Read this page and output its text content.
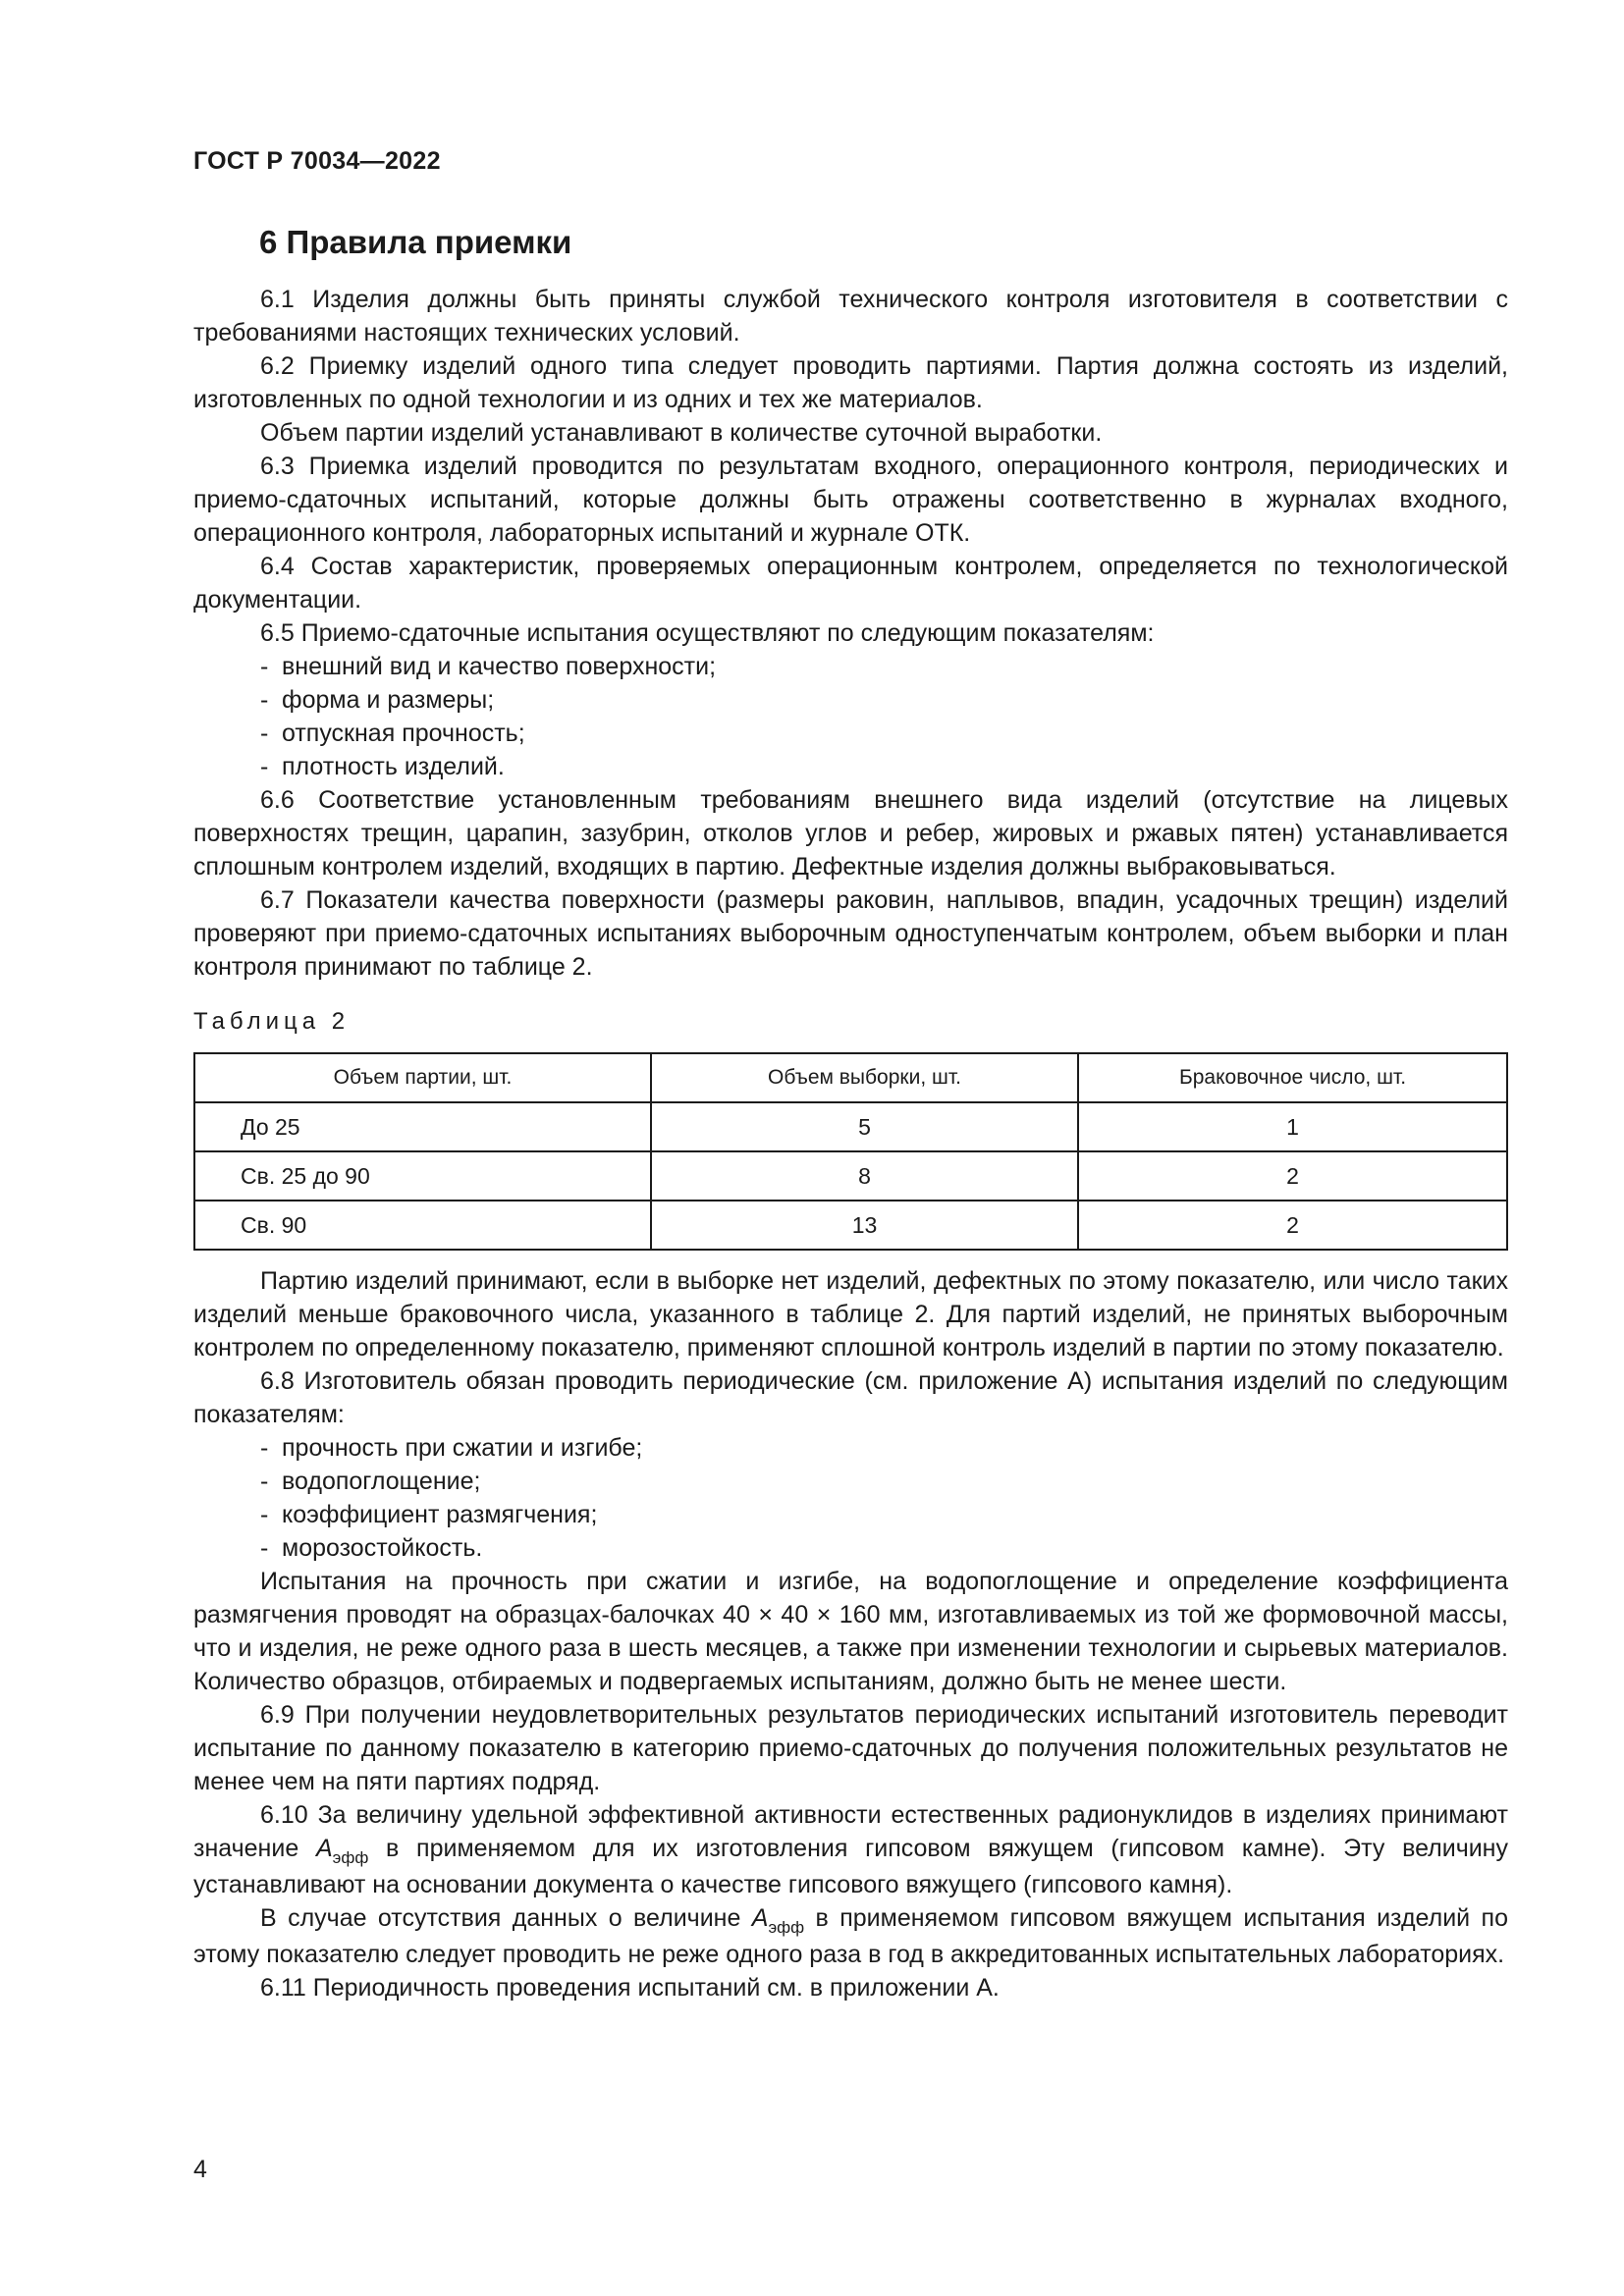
ГОСТ Р 70034—2022
6 Правила приемки

6.1 Изделия должны быть приняты службой технического контроля изготовителя в соответствии с требованиями настоящих технических условий.

6.2 Приемку изделий одного типа следует проводить партиями. Партия должна состоять из изделий, изготовленных по одной технологии и из одних и тех же материалов.

Объем партии изделий устанавливают в количестве суточной выработки.

6.3 Приемка изделий проводится по результатам входного, операционного контроля, периодических и приемо-сдаточных испытаний, которые должны быть отражены соответственно в журналах входного, операционного контроля, лабораторных испытаний и журнале ОТК.

6.4 Состав характеристик, проверяемых операционным контролем, определяется по технологической документации.

6.5 Приемо-сдаточные испытания осуществляют по следующим показателям:

- внешний вид и качество поверхности;

- форма и размеры;

- отпускная прочность;

- плотность изделий.

6.6 Соответствие установленным требованиям внешнего вида изделий (отсутствие на лицевых поверхностях трещин, царапин, зазубрин, отколов углов и ребер, жировых и ржавых пятен) устанавливается сплошным контролем изделий, входящих в партию. Дефектные изделия должны выбраковываться.

6.7 Показатели качества поверхности (размеры раковин, наплывов, впадин, усадочных трещин) изделий проверяют при приемо-сдаточных испытаниях выборочным одноступенчатым контролем, объем выборки и план контроля принимают по таблице 2.

Таблица 2

Объем партии, шт.	Объем выборки, шт.	Браковочное число, шт.
До 25	5	1
Св. 25 до 90	8	2
Св. 90	13	2

Партию изделий принимают, если в выборке нет изделий, дефектных по этому показателю, или число таких изделий меньше браковочного числа, указанного в таблице 2. Для партий изделий, не принятых выборочным контролем по определенному показателю, применяют сплошной контроль изделий в партии по этому показателю.

6.8 Изготовитель обязан проводить периодические (см. приложение А) испытания изделий по следующим показателям:

- прочность при сжатии и изгибе;

- водопоглощение;

- коэффициент размягчения;

- морозостойкость.

Испытания на прочность при сжатии и изгибе, на водопоглощение и определение коэффициента размягчения проводят на образцах-балочках 40 × 40 × 160 мм, изготавливаемых из той же формовочной массы, что и изделия, не реже одного раза в шесть месяцев, а также при изменении технологии и сырьевых материалов. Количество образцов, отбираемых и подвергаемых испытаниям, должно быть не менее шести.

6.9 При получении неудовлетворительных результатов периодических испытаний изготовитель переводит испытание по данному показателю в категорию приемо-сдаточных до получения положительных результатов не менее чем на пяти партиях подряд.

6.10 За величину удельной эффективной активности естественных радионуклидов в изделиях принимают значение $A_{эфф}$ в применяемом для их изготовления гипсовом вяжущем (гипсовом камне). Эту величину устанавливают на основании документа о качестве гипсового вяжущего (гипсового камня).

В случае отсутствия данных о величине $A_{эфф}$ в применяемом гипсовом вяжущем испытания изделий по этому показателю следует проводить не реже одного раза в год в аккредитованных испытательных лабораториях.

6.11 Периодичность проведения испытаний см. в приложении А.

4
